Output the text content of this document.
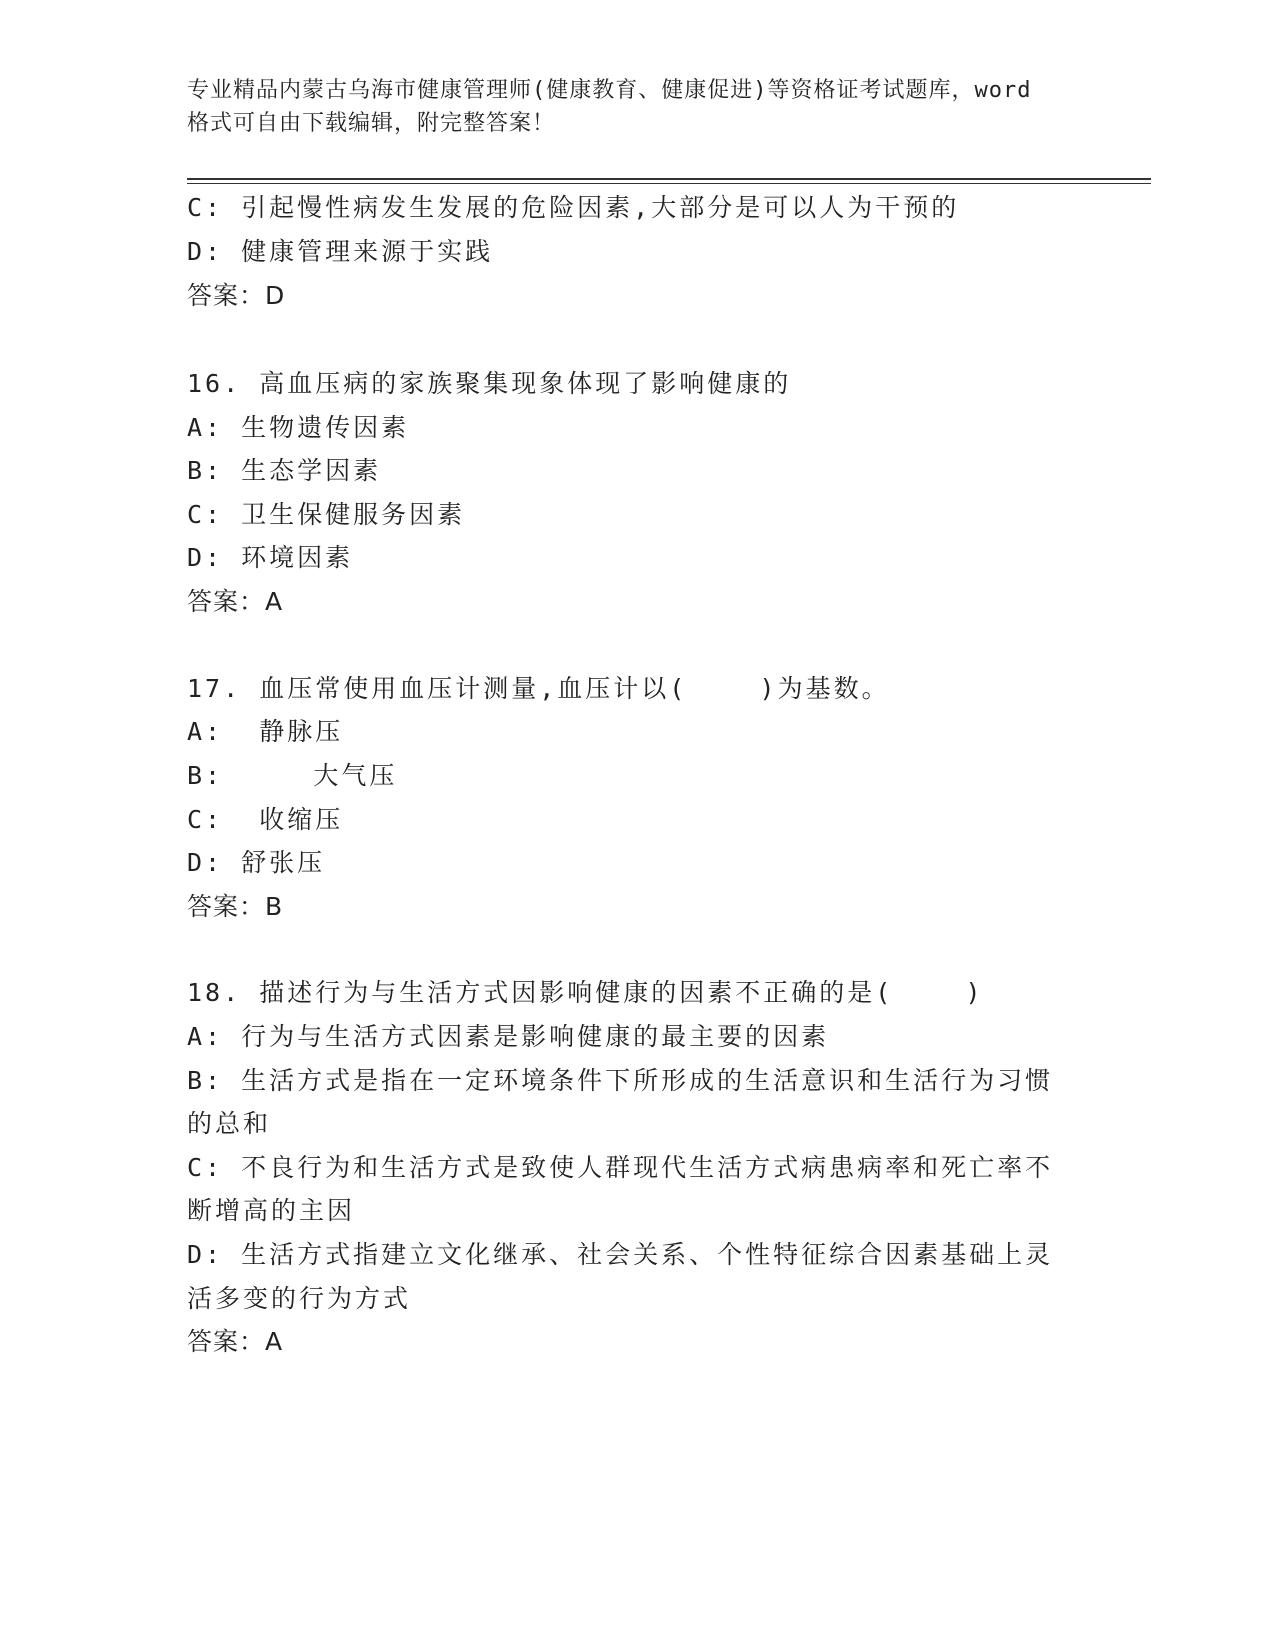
专业精品内蒙古乌海市健康管理师(健康教育、健康促进)等资格证考试题库，word
格式可自由下载编辑，附完整答案！
C: 引起慢性病发生发展的危险因素,大部分是可以人为干预的
D: 健康管理来源于实践
答案：D
16. 高血压病的家族聚集现象体现了影响健康的
A: 生物遗传因素
B: 生态学因素
C: 卫生保健服务因素
D: 环境因素
答案：A
17. 血压常使用血压计测量,血压计以(    )为基数。
A:  静脉压
B:     大气压
C:  收缩压
D: 舒张压
答案：B
18. 描述行为与生活方式因影响健康的因素不正确的是(    )
A: 行为与生活方式因素是影响健康的最主要的因素
B: 生活方式是指在一定环境条件下所形成的生活意识和生活行为习惯
的总和
C: 不良行为和生活方式是致使人群现代生活方式病患病率和死亡率不
断增高的主因
D: 生活方式指建立文化继承、社会关系、个性特征综合因素基础上灵
活多变的行为方式
答案：A
